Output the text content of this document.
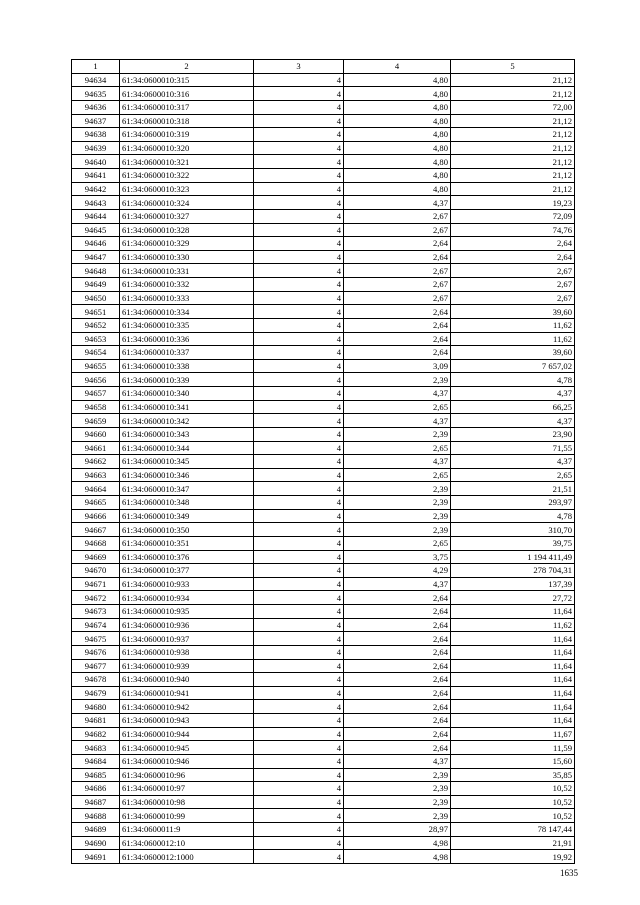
1	2	3	4	5
94634	61:34:0600010:315	4	4,80	21,12
94635	61:34:0600010:316	4	4,80	21,12
94636	61:34:0600010:317	4	4,80	72,00
94637	61:34:0600010:318	4	4,80	21,12
94638	61:34:0600010:319	4	4,80	21,12
94639	61:34:0600010:320	4	4,80	21,12
94640	61:34:0600010:321	4	4,80	21,12
94641	61:34:0600010:322	4	4,80	21,12
94642	61:34:0600010:323	4	4,80	21,12
94643	61:34:0600010:324	4	4,37	19,23
94644	61:34:0600010:327	4	2,67	72,09
94645	61:34:0600010:328	4	2,67	74,76
94646	61:34:0600010:329	4	2,64	2,64
94647	61:34:0600010:330	4	2,64	2,64
94648	61:34:0600010:331	4	2,67	2,67
94649	61:34:0600010:332	4	2,67	2,67
94650	61:34:0600010:333	4	2,67	2,67
94651	61:34:0600010:334	4	2,64	39,60
94652	61:34:0600010:335	4	2,64	11,62
94653	61:34:0600010:336	4	2,64	11,62
94654	61:34:0600010:337	4	2,64	39,60
94655	61:34:0600010:338	4	3,09	7 657,02
94656	61:34:0600010:339	4	2,39	4,78
94657	61:34:0600010:340	4	4,37	4,37
94658	61:34:0600010:341	4	2,65	66,25
94659	61:34:0600010:342	4	4,37	4,37
94660	61:34:0600010:343	4	2,39	23,90
94661	61:34:0600010:344	4	2,65	71,55
94662	61:34:0600010:345	4	4,37	4,37
94663	61:34:0600010:346	4	2,65	2,65
94664	61:34:0600010:347	4	2,39	21,51
94665	61:34:0600010:348	4	2,39	293,97
94666	61:34:0600010:349	4	2,39	4,78
94667	61:34:0600010:350	4	2,39	310,70
94668	61:34:0600010:351	4	2,65	39,75
94669	61:34:0600010:376	4	3,75	1 194 411,49
94670	61:34:0600010:377	4	4,29	278 704,31
94671	61:34:0600010:933	4	4,37	137,39
94672	61:34:0600010:934	4	2,64	27,72
94673	61:34:0600010:935	4	2,64	11,64
94674	61:34:0600010:936	4	2,64	11,62
94675	61:34:0600010:937	4	2,64	11,64
94676	61:34:0600010:938	4	2,64	11,64
94677	61:34:0600010:939	4	2,64	11,64
94678	61:34:0600010:940	4	2,64	11,64
94679	61:34:0600010:941	4	2,64	11,64
94680	61:34:0600010:942	4	2,64	11,64
94681	61:34:0600010:943	4	2,64	11,64
94682	61:34:0600010:944	4	2,64	11,67
94683	61:34:0600010:945	4	2,64	11,59
94684	61:34:0600010:946	4	4,37	15,60
94685	61:34:0600010:96	4	2,39	35,85
94686	61:34:0600010:97	4	2,39	10,52
94687	61:34:0600010:98	4	2,39	10,52
94688	61:34:0600010:99	4	2,39	10,52
94689	61:34:0600011:9	4	28,97	78 147,44
94690	61:34:0600012:10	4	4,98	21,91
94691	61:34:0600012:1000	4	4,98	19,92
1635
